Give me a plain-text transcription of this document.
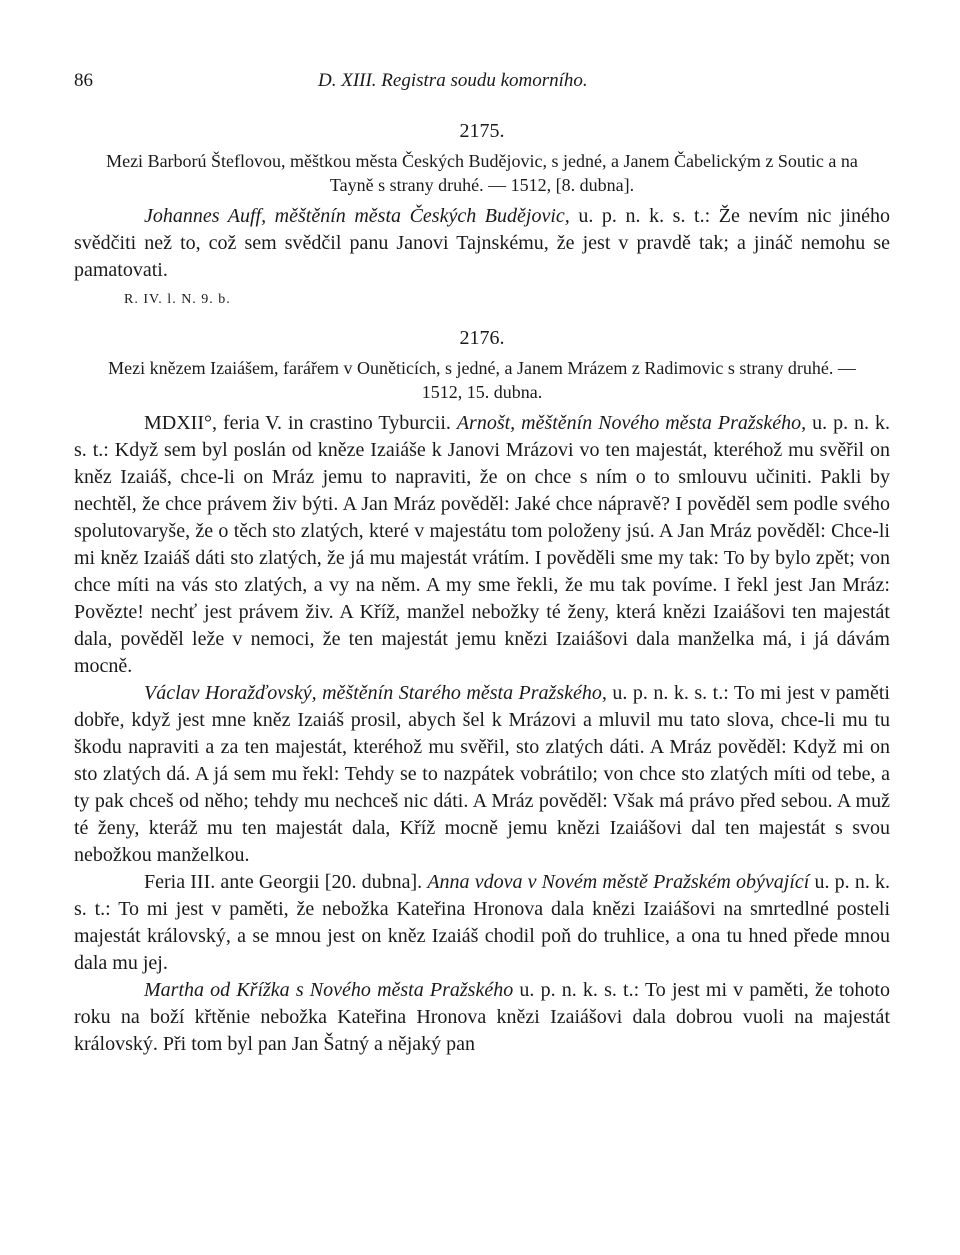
86	D. XIII. Registra soudu komorního.
2175.
Mezi Barború Šteflovou, měštkou města Českých Budějovic, s jedné, a Janem Čabelickým z Soutic a na Tayně s strany druhé. — 1512, [8. dubna].

Johannes Auff, měštěnín města Českých Budějovic, u. p. n. k. s. t.: Že nevím nic jiného svědčiti než to, což sem svědčil panu Janovi Tajnskému, že jest v pravdě tak; a jináč nemohu se pamatovati.

R. IV. l. N. 9. b.
2176.
Mezi knězem Izaiášem, farářem v Ouněticích, s jedné, a Janem Mrázem z Radimovic s strany druhé. — 1512, 15. dubna.

MDXII°, feria V. in crastino Tyburcii. Arnošt, měštěnín Nového města Pražského, u. p. n. k. s. t.: Když sem byl poslán od kněze Izaiáše k Janovi Mrázovi vo ten majestát, kteréhož mu svěřil on kněz Izaiáš, chce-li on Mráz jemu to napraviti, že on chce s ním o to smlouvu učiniti. Pakli by nechtěl, že chce právem živ býti. A Jan Mráz pověděl: Jaké chce nápravě? I pověděl sem podle svého spolutovaryše, že o těch sto zlatých, které v majestátu tom položeny jsú. A Jan Mráz pověděl: Chce-li mi kněz Izaiáš dáti sto zlatých, že já mu majestát vrátím. I pověděli sme my tak: To by bylo zpět; von chce míti na vás sto zlatých, a vy na něm. A my sme řekli, že mu tak povíme. I řekl jest Jan Mráz: Povězte! nechť jest právem živ. A Kříž, manžel nebožky té ženy, která knězi Izaiášovi ten majestát dala, pověděl leže v nemoci, že ten majestát jemu knězi Izaiášovi dala manželka má, i já dávám mocně.

Václav Horažďovský, měštěnín Starého města Pražského, u. p. n. k. s. t.: To mi jest v paměti dobře, když jest mne kněz Izaiáš prosil, abych šel k Mrázovi a mluvil mu tato slova, chce-li mu tu škodu napraviti a za ten majestát, kteréhož mu svěřil, sto zlatých dáti. A Mráz pověděl: Když mi on sto zlatých dá. A já sem mu řekl: Tehdy se to nazpátek vobrátilo; von chce sto zlatých míti od tebe, a ty pak chceš od něho; tehdy mu nechceš nic dáti. A Mráz pověděl: Však má právo před sebou. A muž té ženy, kteráž mu ten majestát dala, Kříž mocně jemu knězi Izaiášovi dal ten majestát s svou nebožkou manželkou.

Feria III. ante Georgii [20. dubna]. Anna vdova v Novém městě Pražském obývající u. p. n. k. s. t.: To mi jest v paměti, že nebožka Kateřina Hronova dala knězi Izaiášovi na smrtedlné posteli majestát královský, a se mnou jest on kněz Izaiáš chodil poň do truhlice, a ona tu hned přede mnou dala mu jej.

Martha od Křížka s Nového města Pražského u. p. n. k. s. t.: To jest mi v paměti, že tohoto roku na boží křtěnie nebožka Kateřina Hronova knězi Izaiášovi dala dobrou vuoli na majestát královský. Při tom byl pan Jan Šatný a nějaký pan
